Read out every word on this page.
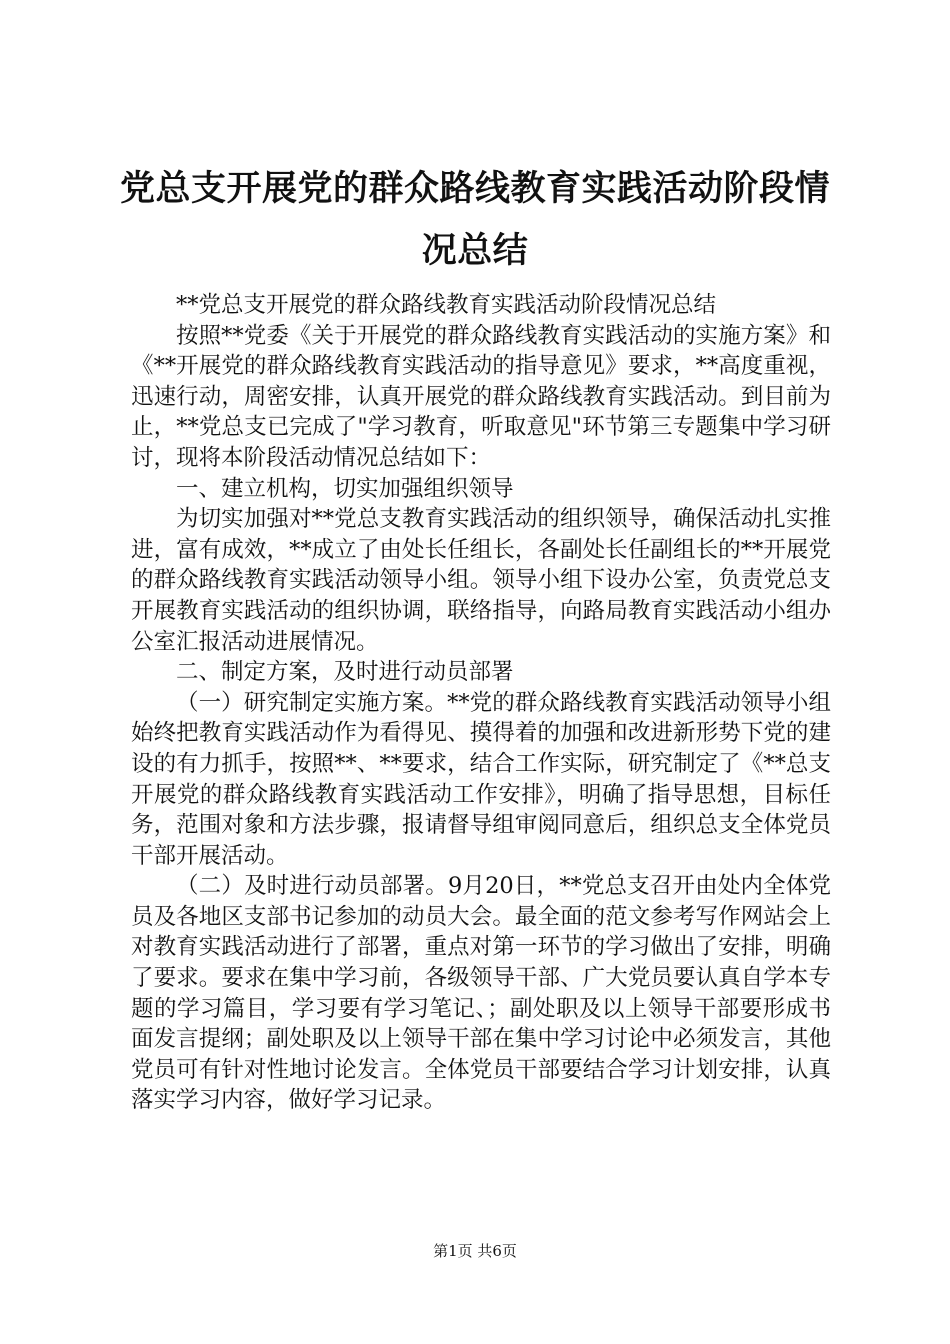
党总支开展党的群众路线教育实践活动阶段情况总结

**党总支开展党的群众路线教育实践活动阶段情况总结

按照**党委《关于开展党的群众路线教育实践活动的实施方案》和《**开展党的群众路线教育实践活动的指导意见》要求，**高度重视，迅速行动，周密安排，认真开展党的群众路线教育实践活动。到目前为止，**党总支已完成了"学习教育，听取意见"环节第三专题集中学习研讨，现将本阶段活动情况总结如下：

一、建立机构，切实加强组织领导

为切实加强对**党总支教育实践活动的组织领导，确保活动扎实推进，富有成效，**成立了由处长任组长，各副处长任副组长的**开展党的群众路线教育实践活动领导小组。领导小组下设办公室，负责党总支开展教育实践活动的组织协调，联络指导，向路局教育实践活动小组办公室汇报活动进展情况。

二、制定方案，及时进行动员部署

（一）研究制定实施方案。**党的群众路线教育实践活动领导小组始终把教育实践活动作为看得见、摸得着的加强和改进新形势下党的建设的有力抓手，按照**、**要求，结合工作实际，研究制定了《**总支开展党的群众路线教育实践活动工作安排》，明确了指导思想，目标任务，范围对象和方法步骤，报请督导组审阅同意后，组织总支全体党员干部开展活动。

（二）及时进行动员部署。9月20日，**党总支召开由处内全体党员及各地区支部书记参加的动员大会。最全面的范文参考写作网站会上对教育实践活动进行了部署，重点对第一环节的学习做出了安排，明确了要求。要求在集中学习前，各级领导干部、广大党员要认真自学本专题的学习篇目，学习要有学习笔记、；副处职及以上领导干部要形成书面发言提纲；副处职及以上领导干部在集中学习讨论中必须发言，其他党员可有针对性地讨论发言。全体党员干部要结合学习计划安排，认真落实学习内容，做好学习记录。

第1页 共6页
